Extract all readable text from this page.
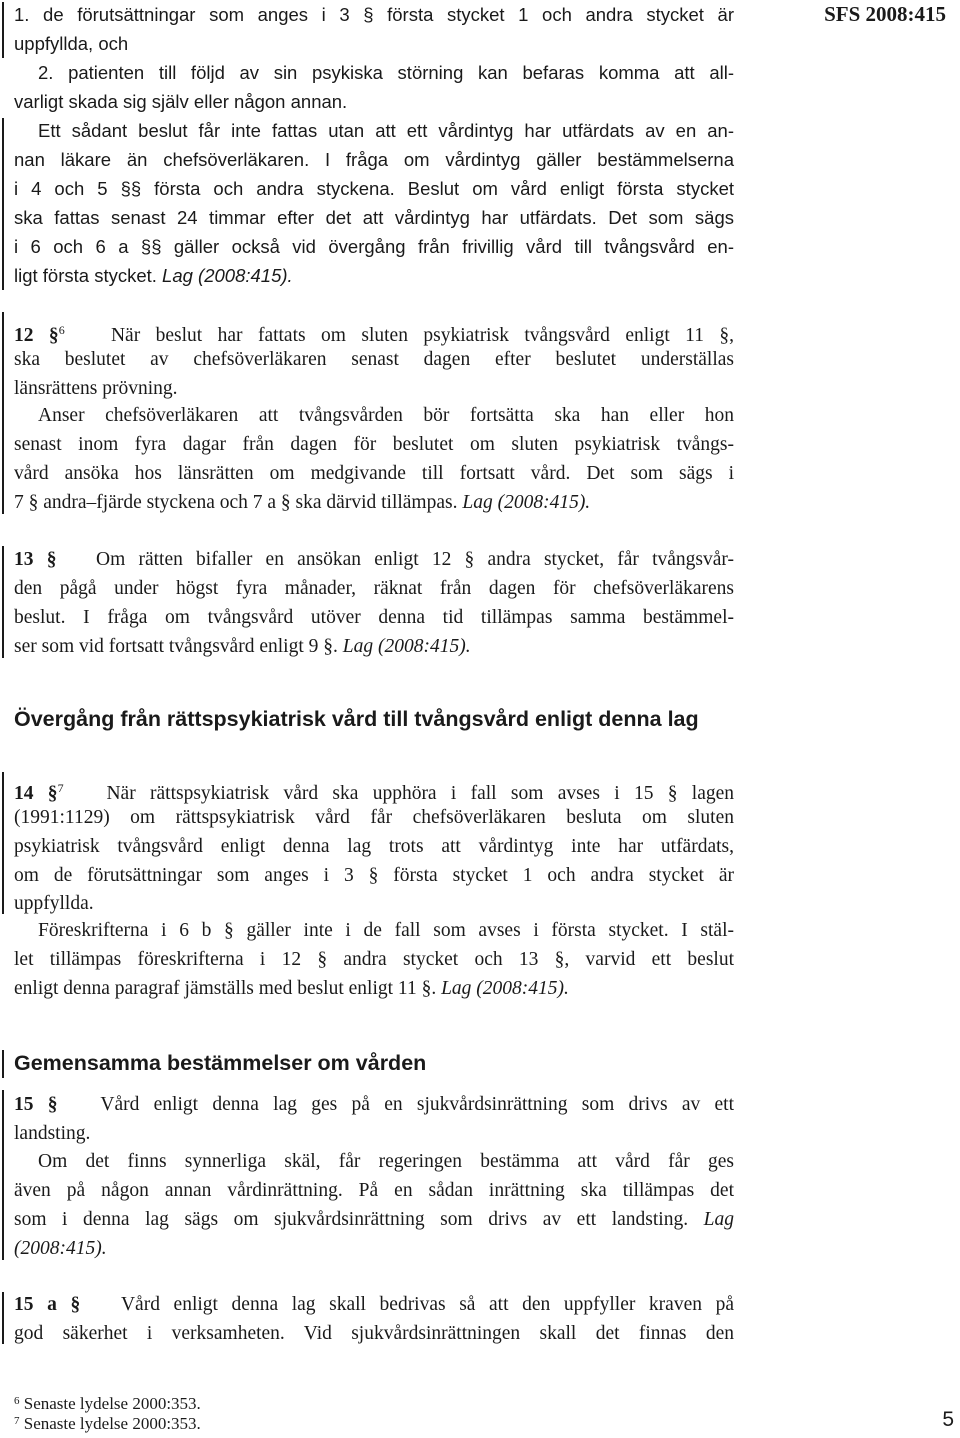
SFS 2008:415
1. de förutsättningar som anges i 3 § första stycket 1 och andra stycket är
uppfyllda, och
2. patienten till följd av sin psykiska störning kan befaras komma att all-
varligt skada sig själv eller någon annan.
Ett sådant beslut får inte fattas utan att ett vårdintyg har utfärdats av en an-
nan läkare än chefsöverläkaren. I fråga om vårdintyg gäller bestämmelserna
i 4 och 5 §§ första och andra styckena. Beslut om vård enligt första stycket
ska fattas senast 24 timmar efter det att vårdintyg har utfärdats. Det som sägs
i 6 och 6 a §§ gäller också vid övergång från frivillig vård till tvångsvård en-
ligt första stycket. Lag (2008:415).
12 §$^6$ När beslut har fattats om sluten psykiatrisk tvångsvård enligt 11 §,
ska beslutet av chefsöverläkaren senast dagen efter beslutet underställas
länsrättens prövning.
Anser chefsöverläkaren att tvångsvården bör fortsätta ska han eller hon
senast inom fyra dagar från dagen för beslutet om sluten psykiatrisk tvångs-
vård ansöka hos länsrätten om medgivande till fortsatt vård. Det som sägs i
7 § andra–fjärde styckena och 7 a § ska därvid tillämpas. Lag (2008:415).
13 § Om rätten bifaller en ansökan enligt 12 § andra stycket, får tvångsvår-
den pågå under högst fyra månader, räknat från dagen för chefsöverläkarens
beslut. I fråga om tvångsvård utöver denna tid tillämpas samma bestämmel-
ser som vid fortsatt tvångsvård enligt 9 §. Lag (2008:415).
Övergång från rättspsykiatrisk vård till tvångsvård enligt denna lag
14 §$^7$ När rättspsykiatrisk vård ska upphöra i fall som avses i 15 § lagen
(1991:1129) om rättspsykiatrisk vård får chefsöverläkaren besluta om sluten
psykiatrisk tvångsvård enligt denna lag trots att vårdintyg inte har utfärdats,
om de förutsättningar som anges i 3 § första stycket 1 och andra stycket är
uppfyllda.
Föreskrifterna i 6 b § gäller inte i de fall som avses i första stycket. I stäl-
let tillämpas föreskrifterna i 12 § andra stycket och 13 §, varvid ett beslut
enligt denna paragraf jämställs med beslut enligt 11 §. Lag (2008:415).
Gemensamma bestämmelser om vården
15 § Vård enligt denna lag ges på en sjukvårdsinrättning som drivs av ett
landsting.
Om det finns synnerliga skäl, får regeringen bestämma att vård får ges
även på någon annan vårdinrättning. På en sådan inrättning ska tillämpas det
som i denna lag sägs om sjukvårdsinrättning som drivs av ett landsting. Lag
(2008:415).
15 a § Vård enligt denna lag skall bedrivas så att den uppfyller kraven på
god säkerhet i verksamheten. Vid sjukvårdsinrättningen skall det finnas den
$^6$ Senaste lydelse 2000:353.
$^7$ Senaste lydelse 2000:353.	5
